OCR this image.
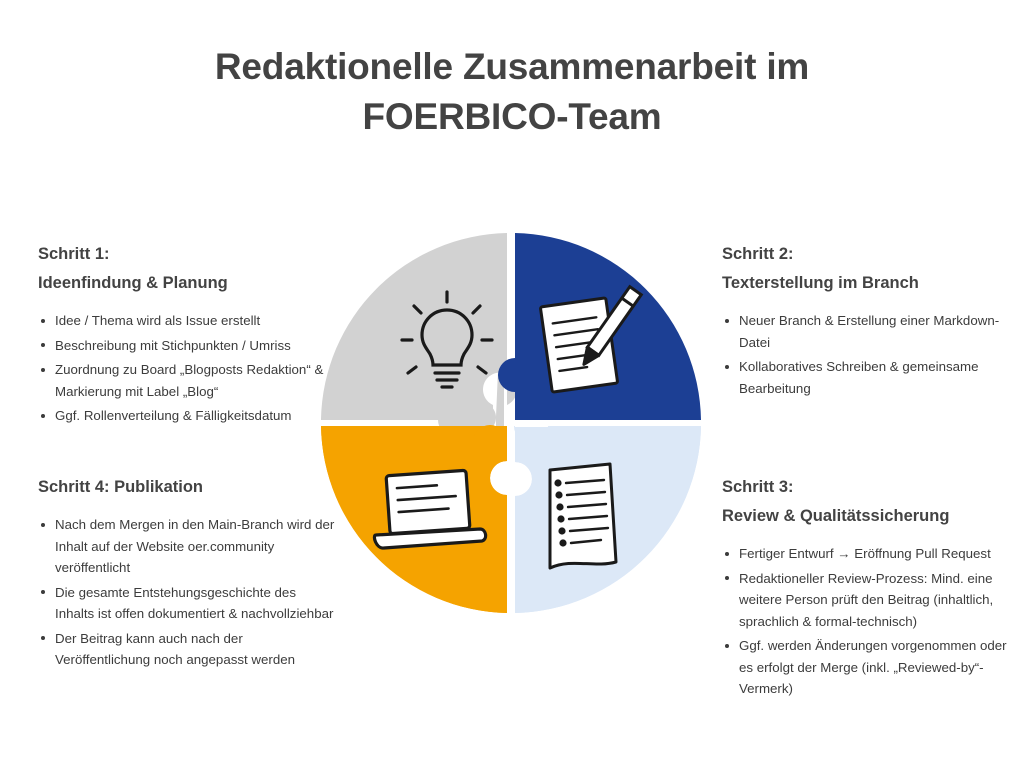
Redaktionelle Zusammenarbeit im
FOERBICO-Team
Schritt 1:
Ideenfindung & Planung
Idee / Thema wird als Issue erstellt
Beschreibung mit Stichpunkten / Umriss
Zuordnung zu Board „Blogposts Redaktion“ & Markierung mit Label „Blog“
Ggf. Rollenverteilung & Fälligkeitsdatum
Schritt 2:
Texterstellung im Branch
Neuer Branch & Erstellung einer Markdown-Datei
Kollaboratives Schreiben & gemeinsame Bearbeitung
Schritt 4: Publikation
Nach dem Mergen in den Main-Branch wird der Inhalt auf der Website oer.community veröffentlicht
Die gesamte Entstehungsgeschichte des Inhalts ist offen dokumentiert & nachvollziehbar
Der Beitrag kann auch nach der Veröffentlichung noch angepasst werden
Schritt 3:
Review & Qualitätssicherung
Fertiger Entwurf → Eröffnung Pull Request
Redaktioneller Review-Prozess: Mind. eine weitere Person prüft den Beitrag (inhaltlich, sprachlich & formal-technisch)
Ggf. werden Änderungen vorgenommen oder es erfolgt der Merge (inkl. „Reviewed-by“-Vermerk)
